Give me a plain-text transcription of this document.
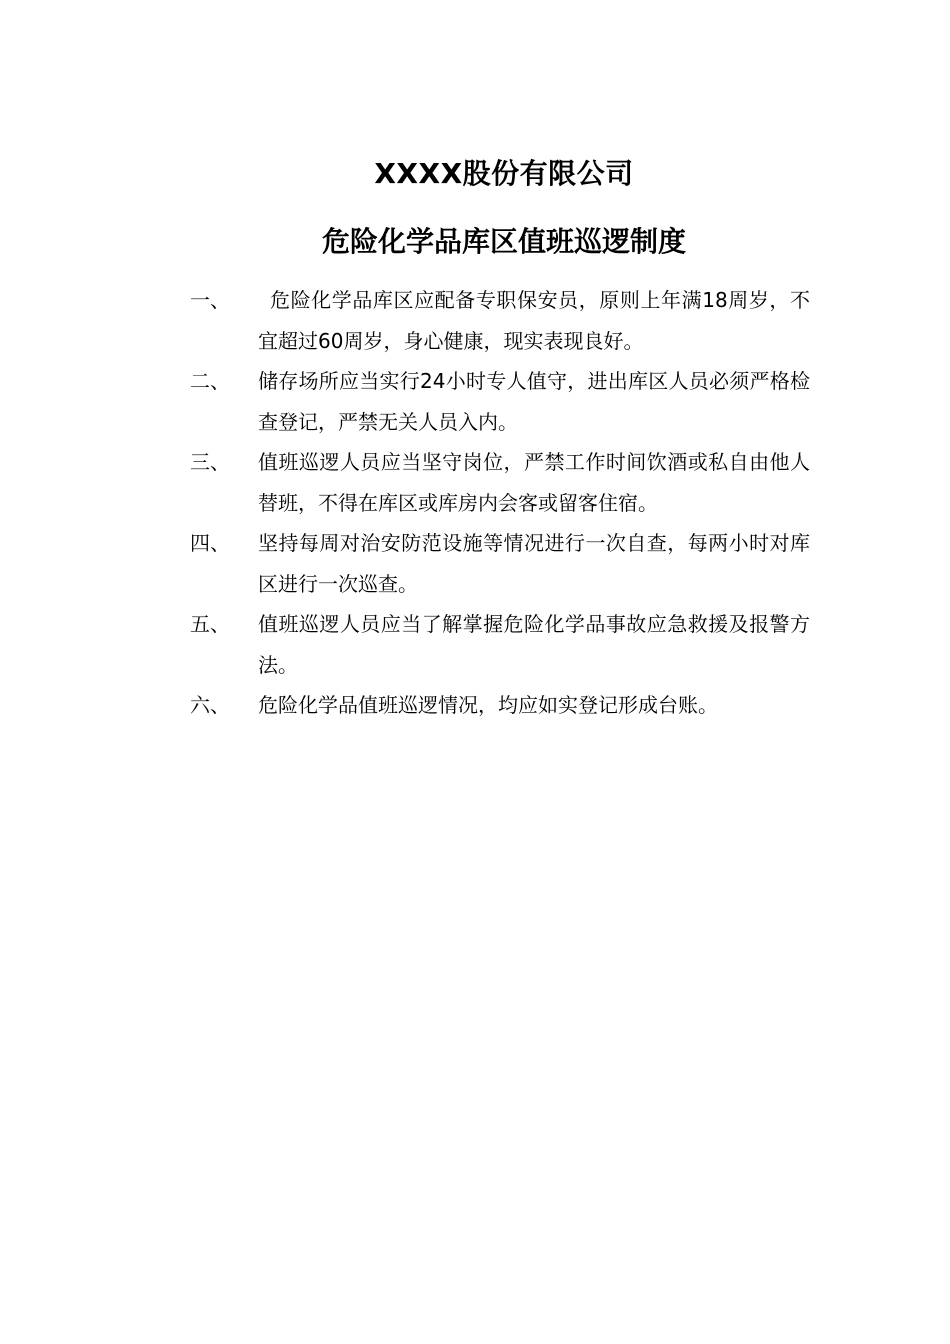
XXXX股份有限公司
危险化学品库区值班巡逻制度
一、	危险化学品库区应配备专职保安员，原则上年满18周岁，不宜超过60周岁，身心健康，现实表现良好。
二、	储存场所应当实行24小时专人值守，进出库区人员必须严格检查登记，严禁无关人员入内。
三、	值班巡逻人员应当坚守岗位，严禁工作时间饮酒或私自由他人替班，不得在库区或库房内会客或留客住宿。
四、	坚持每周对治安防范设施等情况进行一次自查，每两小时对库区进行一次巡查。
五、	值班巡逻人员应当了解掌握危险化学品事故应急救援及报警方法。
六、	危险化学品值班巡逻情况，均应如实登记形成台账。
